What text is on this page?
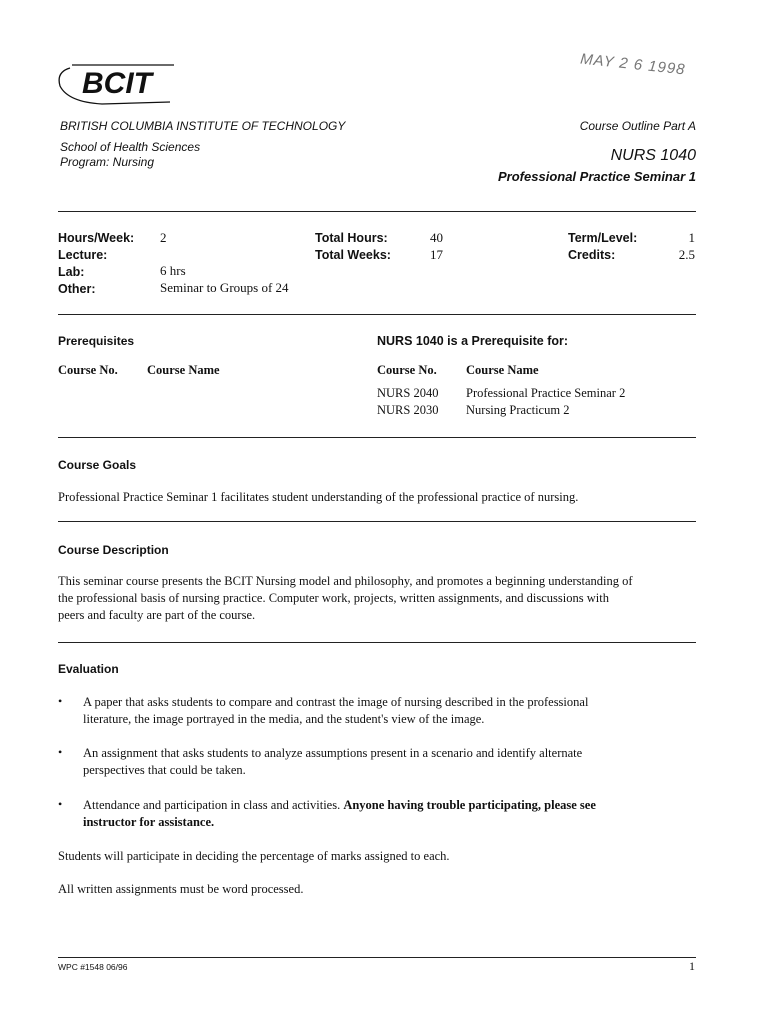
BCIT
MAY 2 6 1998
BRITISH COLUMBIA INSTITUTE OF TECHNOLOGY
School of Health Sciences
Program: Nursing
Course Outline Part A
NURS 1040
Professional Practice Seminar 1
Hours/Week: 2
Lecture:
Lab:	6 hrs
Other:	Seminar to Groups of 24
Total Hours:	40
Total Weeks:	17
Term/Level:	1
Credits:	2.5
Prerequisites
Course No. Course Name
NURS 1040 is a Prerequisite for:
Course No. Course Name
NURS 2040 Professional Practice Seminar 2
NURS 2030 Nursing Practicum 2
Course Goals
Professional Practice Seminar 1 facilitates student understanding of the professional practice of nursing.
Course Description
This seminar course presents the BCIT Nursing model and philosophy, and promotes a beginning understanding of
the professional basis of nursing practice. Computer work, projects, written assignments, and discussions with
peers and faculty are part of the course.
Evaluation
• A paper that asks students to compare and contrast the image of nursing described in the professional
literature, the image portrayed in the media, and the student's view of the image.
• An assignment that asks students to analyze assumptions present in a scenario and identify alternate
perspectives that could be taken.
• Attendance and participation in class and activities. Anyone having trouble participating, please see
instructor for assistance.
Students will participate in deciding the percentage of marks assigned to each.
All written assignments must be word processed.
WPC #1548 06/96	1
